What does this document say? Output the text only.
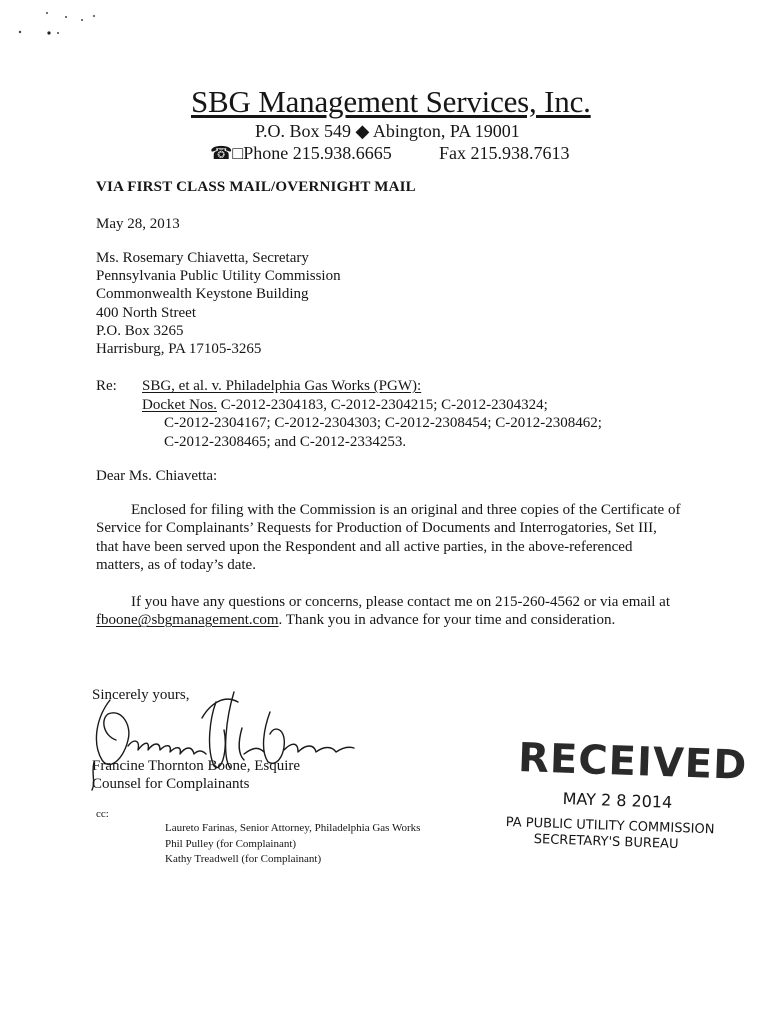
SBG Management Services, Inc.
P.O. Box 549 ◆ Abington, PA 19001
☎□Phone 215.938.6665	Fax 215.938.7613
VIA FIRST CLASS MAIL/OVERNIGHT MAIL
May 28, 2013
Ms. Rosemary Chiavetta, Secretary
Pennsylvania Public Utility Commission
Commonwealth Keystone Building
400 North Street
P.O. Box 3265
Harrisburg, PA 17105-3265
Re: SBG, et al. v. Philadelphia Gas Works (PGW):
Docket Nos. C-2012-2304183, C-2012-2304215; C-2012-2304324;
C-2012-2304167; C-2012-2304303; C-2012-2308454; C-2012-2308462;
C-2012-2308465; and C-2012-2334253.
Dear Ms. Chiavetta:
Enclosed for filing with the Commission is an original and three copies of the Certificate of
Service for Complainants’ Requests for Production of Documents and Interrogatories, Set III,
that have been served upon the Respondent and all active parties, in the above-referenced
matters, as of today’s date.
If you have any questions or concerns, please contact me on 215-260-4562 or via email at
fboone@sbgmanagement.com. Thank you in advance for your time and consideration.
Sincerely yours,
Francine Thornton Boone, Esquire
Counsel for Complainants
cc:
Laureto Farinas, Senior Attorney, Philadelphia Gas Works
Phil Pulley (for Complainant)
Kathy Treadwell (for Complainant)
RECEIVED
MAY 2 8 2014
PA PUBLIC UTILITY COMMISSION
SECRETARY'S BUREAU
